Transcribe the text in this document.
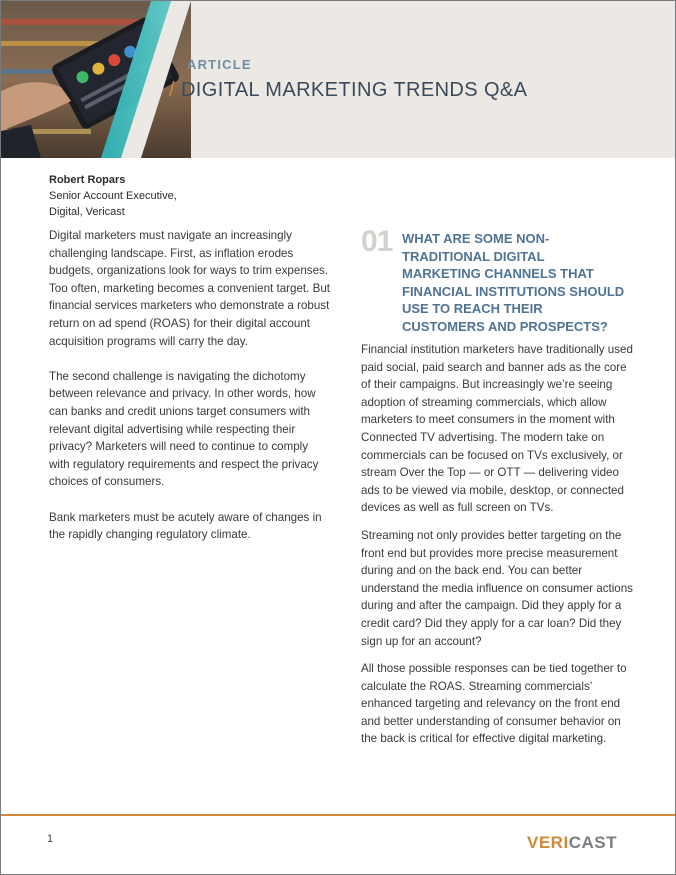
ARTICLE
/ DIGITAL MARKETING TRENDS Q&A
Robert Ropars
Senior Account Executive,
Digital, Vericast

Digital marketers must navigate an increasingly challenging landscape. First, as inflation erodes budgets, organizations look for ways to trim expenses. Too often, marketing becomes a convenient target. But financial services marketers who demonstrate a robust return on ad spend (ROAS) for their digital account acquisition programs will carry the day.

The second challenge is navigating the dichotomy between relevance and privacy. In other words, how can banks and credit unions target consumers with relevant digital advertising while respecting their privacy? Marketers will need to continue to comply with regulatory requirements and respect the privacy choices of consumers.

Bank marketers must be acutely aware of changes in the rapidly changing regulatory climate.

01 WHAT ARE SOME NON-TRADITIONAL DIGITAL MARKETING CHANNELS THAT FINANCIAL INSTITUTIONS SHOULD USE TO REACH THEIR CUSTOMERS AND PROSPECTS?

Financial institution marketers have traditionally used paid social, paid search and banner ads as the core of their campaigns. But increasingly we’re seeing adoption of streaming commercials, which allow marketers to meet consumers in the moment with Connected TV advertising. The modern take on commercials can be focused on TVs exclusively, or stream Over the Top — or OTT — delivering video ads to be viewed via mobile, desktop, or connected devices as well as full screen on TVs.

Streaming not only provides better targeting on the front end but provides more precise measurement during and on the back end. You can better understand the media influence on consumer actions during and after the campaign. Did they apply for a credit card? Did they apply for a car loan? Did they sign up for an account?

All those possible responses can be tied together to calculate the ROAS. Streaming commercials’ enhanced targeting and relevancy on the front end and better understanding of consumer behavior on the back is critical for effective digital marketing.

1	VERICAST
